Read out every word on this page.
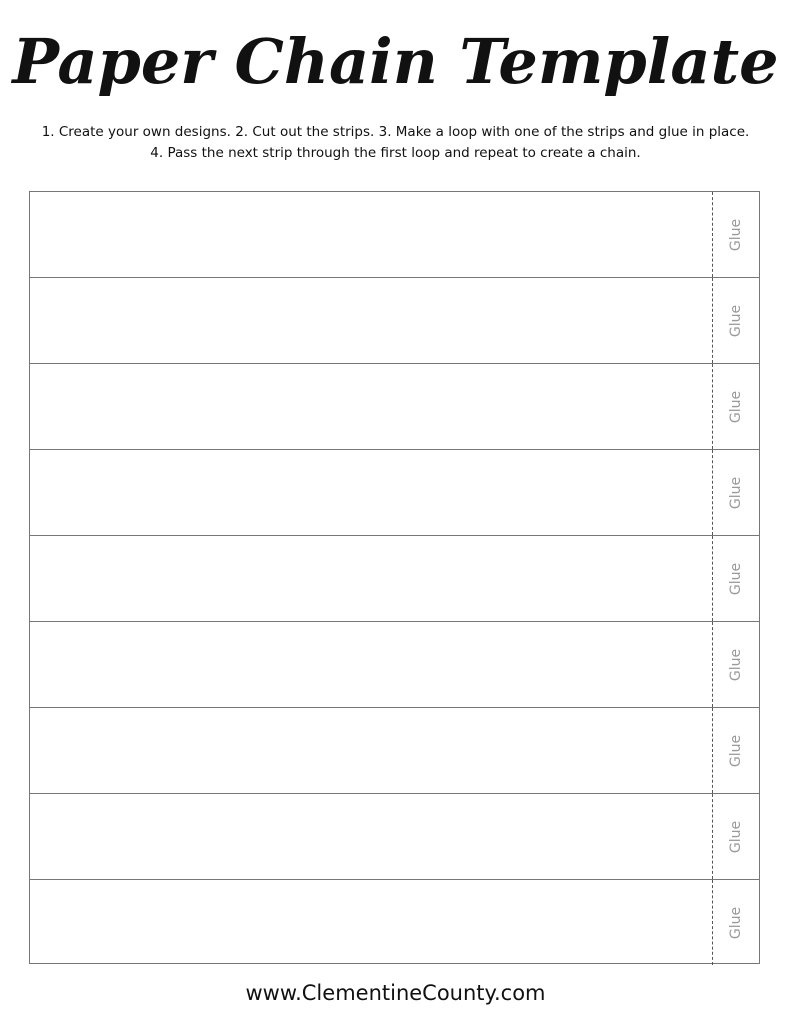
Paper Chain Template
1. Create your own designs. 2. Cut out the strips. 3. Make a loop with one of the strips and glue in place.
4. Pass the next strip through the first loop and repeat to create a chain.
Glue
Glue
Glue
Glue
Glue
Glue
Glue
Glue
Glue
www.ClementineCounty.com
